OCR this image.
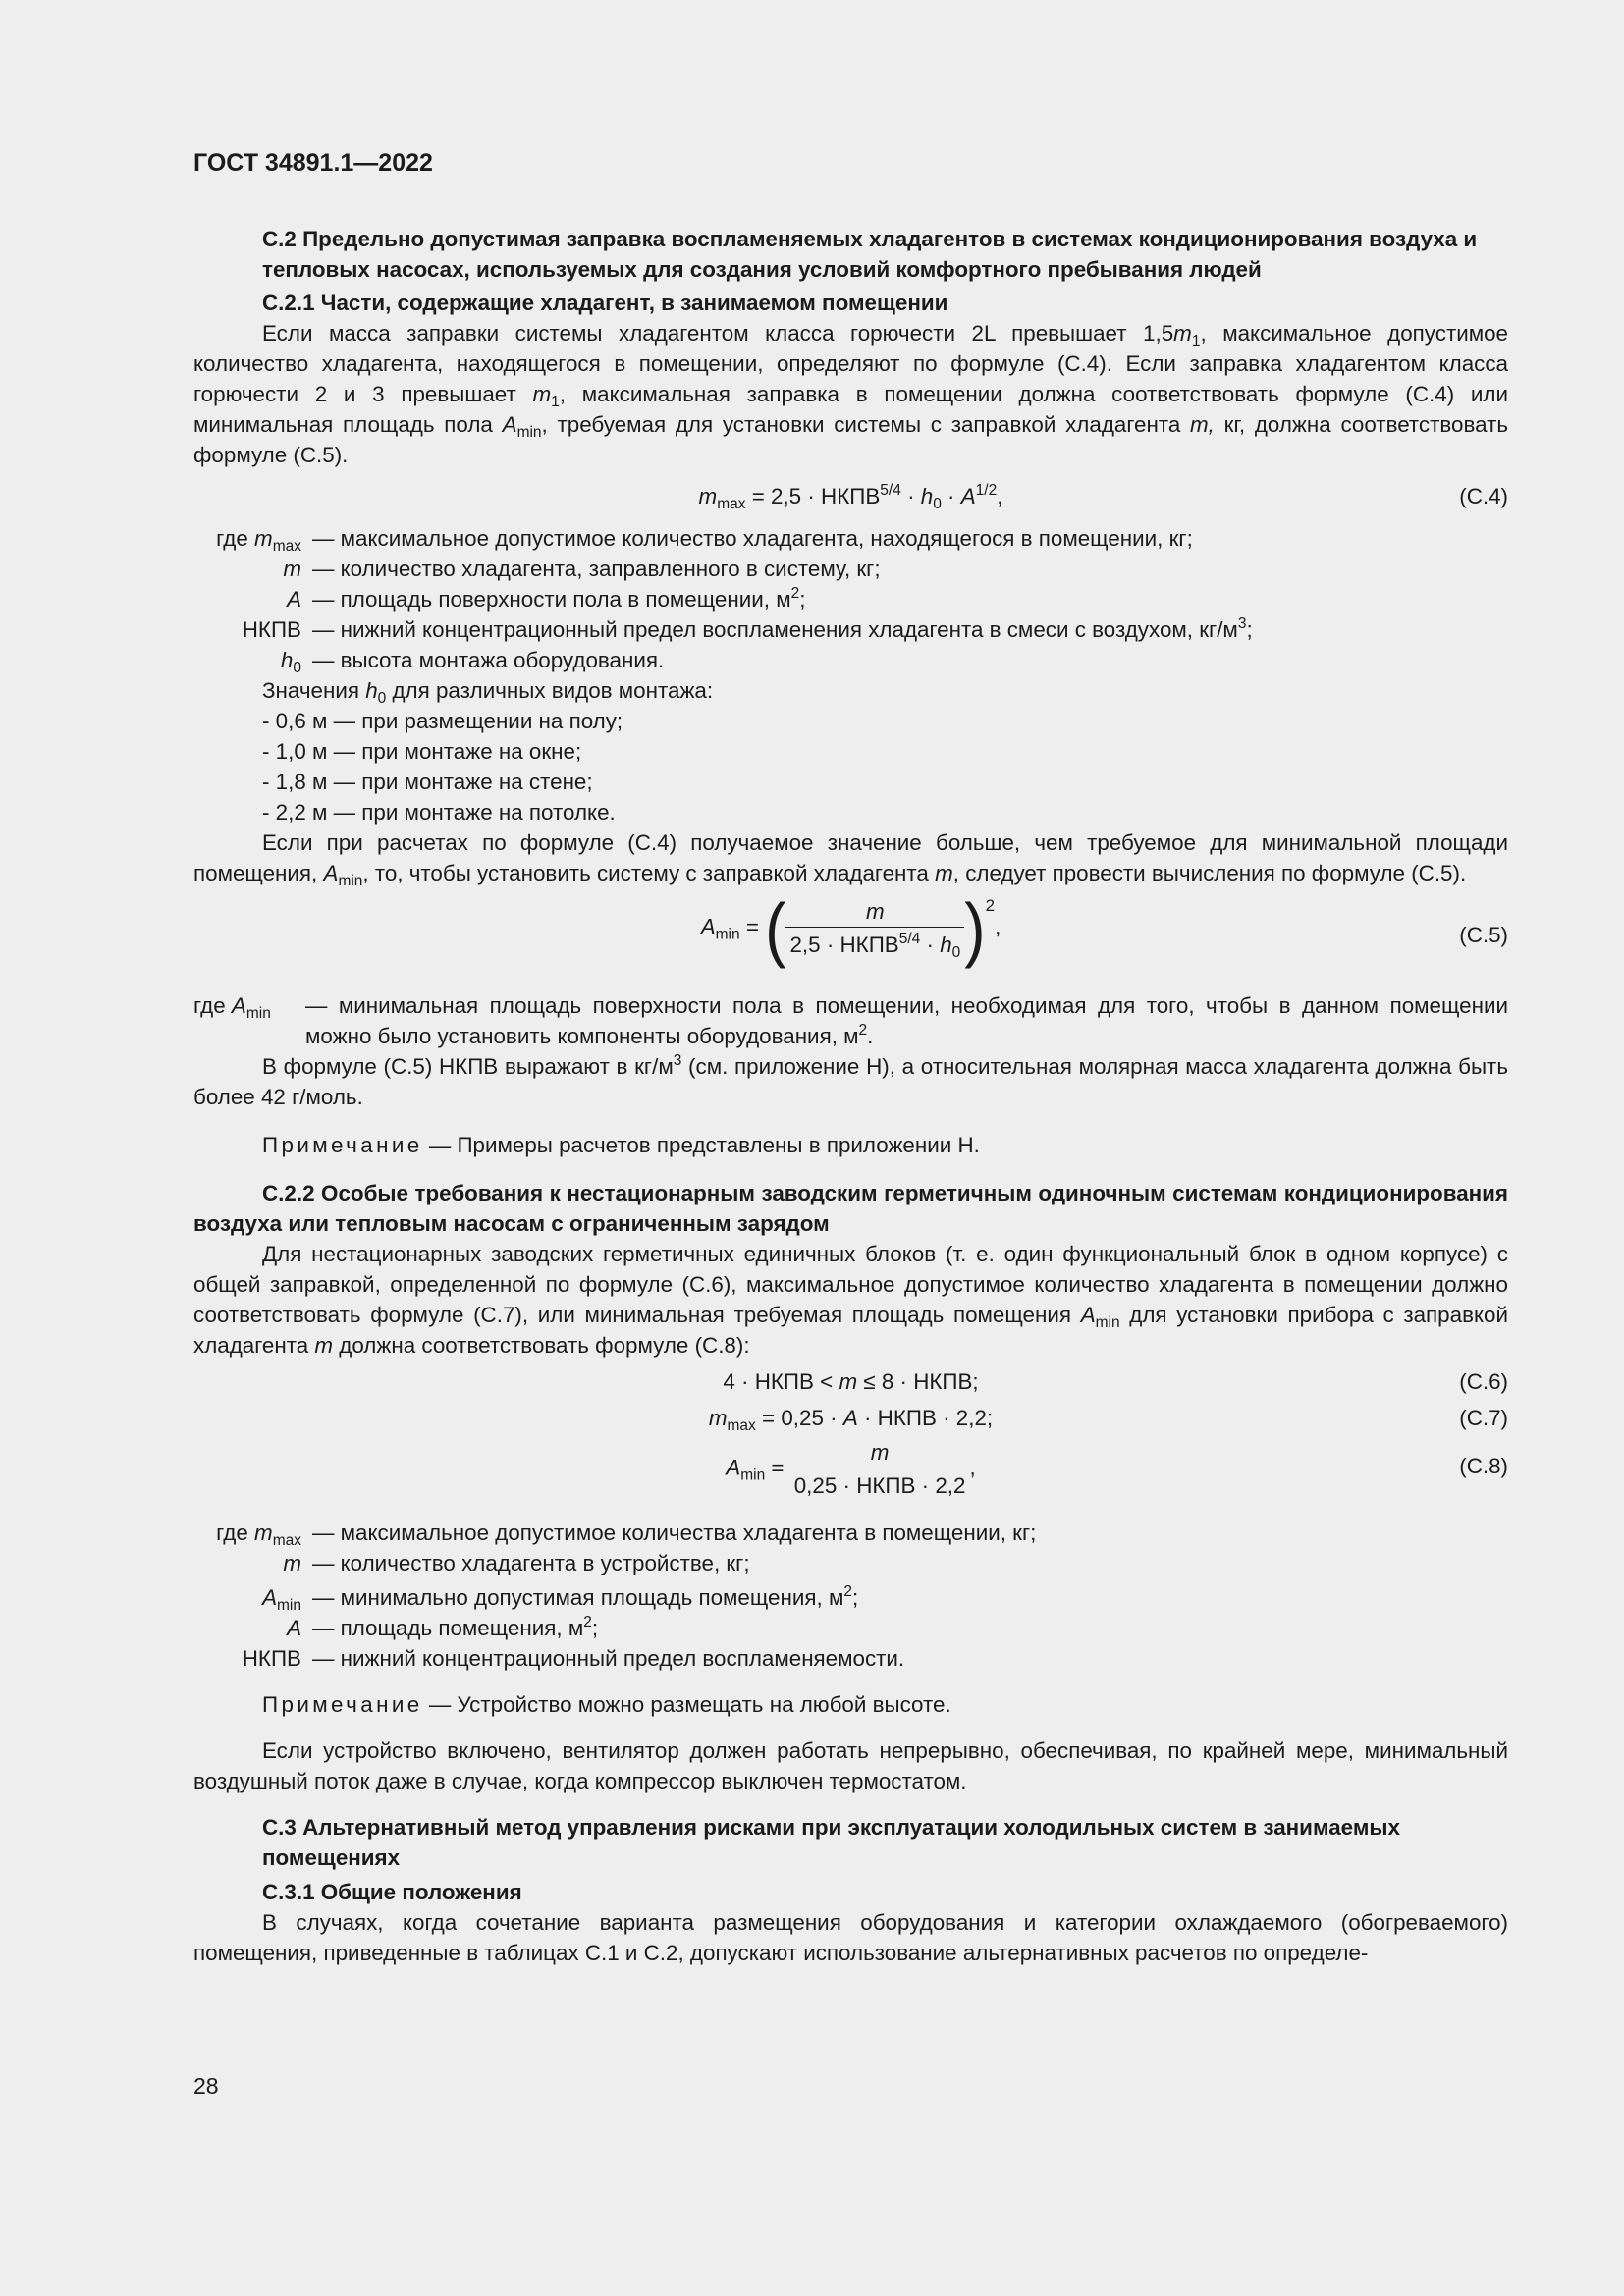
ГОСТ 34891.1—2022

С.2 Предельно допустимая заправка воспламеняемых хладагентов в системах кондиционирования воздуха и тепловых насосах, используемых для создания условий комфортного пребывания людей

С.2.1 Части, содержащие хладагент, в занимаемом помещении

Если масса заправки системы хладагентом класса горючести 2L превышает $1,5m_1$, максимальное допустимое количество хладагента, находящегося в помещении, определяют по формуле (С.4). Если заправка хладагентом класса горючести 2 и 3 превышает $m_1$, максимальная заправка в помещении должна соответствовать формуле (С.4) или минимальная площадь пола $A_{min}$, требуемая для установки системы с заправкой хладагента m, кг, должна соответствовать формуле (С.5).

$m_{max} = 2,5$ · $НКПВ^{5/4} \cdot h_0 \cdot A^{1/2}$,	(С.4)
где $m_{max}$ — максимальное допустимое количество хладагента, находящегося в помещении, кг;
m — количество хладагента, заправленного в систему, кг;
A — площадь поверхности пола в помещении, $м^2$;
НКПВ — нижний концентрационный предел воспламенения хладагента в смеси с воздухом, $кг/м^3$;
$h_0$ — высота монтажа оборудования.

Значения $h_0$ для различных видов монтажа:

- 0,6 м — при размещении на полу;

- 1,0 м — при монтаже на окне;

- 1,8 м — при монтаже на стене;

- 2,2 м — при монтаже на потолке.

Если при расчетах по формуле (С.4) получаемое значение больше, чем требуемое для минимальной площади помещения, $A_{min}$, то, чтобы установить систему с заправкой хладагента m, следует провести вычисления по формуле (С.5).

$A_{min}$ = ( $\frac{m}{2,5 \cdot НКПВ^{5/4} \cdot h_0} )2$,	(С.5)
где $A_{min}$	— минимальная площадь поверхности пола в помещении, необходимая для того, чтобы в данном помещении можно было установить компоненты оборудования, $м^2$.

В формуле (С.5) НКПВ выражают в $кг/м^3$ (см. приложение Н), а относительная молярная масса хладагента должна быть более 42 г/моль.

Примечание — Примеры расчетов представлены в приложении Н.

С.2.2 Особые требования к нестационарным заводским герметичным одиночным системам кондиционирования воздуха или тепловым насосам с ограниченным зарядом

Для нестационарных заводских герметичных единичных блоков (т. е. один функциональный блок в одном корпусе) с общей заправкой, определенной по формуле (С.6), максимальное допустимое количество хладагента в помещении должно соответствовать формуле (С.7), или минимальная требуемая площадь помещения $A_{min}$ для установки прибора с заправкой хладагента m должна соответствовать формуле (С.8):

4 · НКПВ < m ≤ 8 · НКПВ;	(С.6)
$m_{max} = 0,25 \cdot A$ · НКПВ · 2,2;	(С.7)
$A_{min} = \frac{m}{\text{0,25 · НКПВ · 2,2}}$ ,	(С.8)
где $m_{max}$ — максимальное допустимое количества хладагента в помещении, кг;
m — количество хладагента в устройстве, кг;
$A_{min}$ — минимально допустимая площадь помещения, $м^2$;
A — площадь помещения, $м^2$;
НКПВ — нижний концентрационный предел воспламеняемости.

Примечание — Устройство можно размещать на любой высоте.

Если устройство включено, вентилятор должен работать непрерывно, обеспечивая, по крайней мере, минимальный воздушный поток даже в случае, когда компрессор выключен термостатом.

С.3 Альтернативный метод управления рисками при эксплуатации холодильных систем в занимаемых помещениях

С.3.1 Общие положения

В случаях, когда сочетание варианта размещения оборудования и категории охлаждаемого (обогреваемого) помещения, приведенные в таблицах С.1 и С.2, допускают использование альтернативных расчетов по определе-

28
